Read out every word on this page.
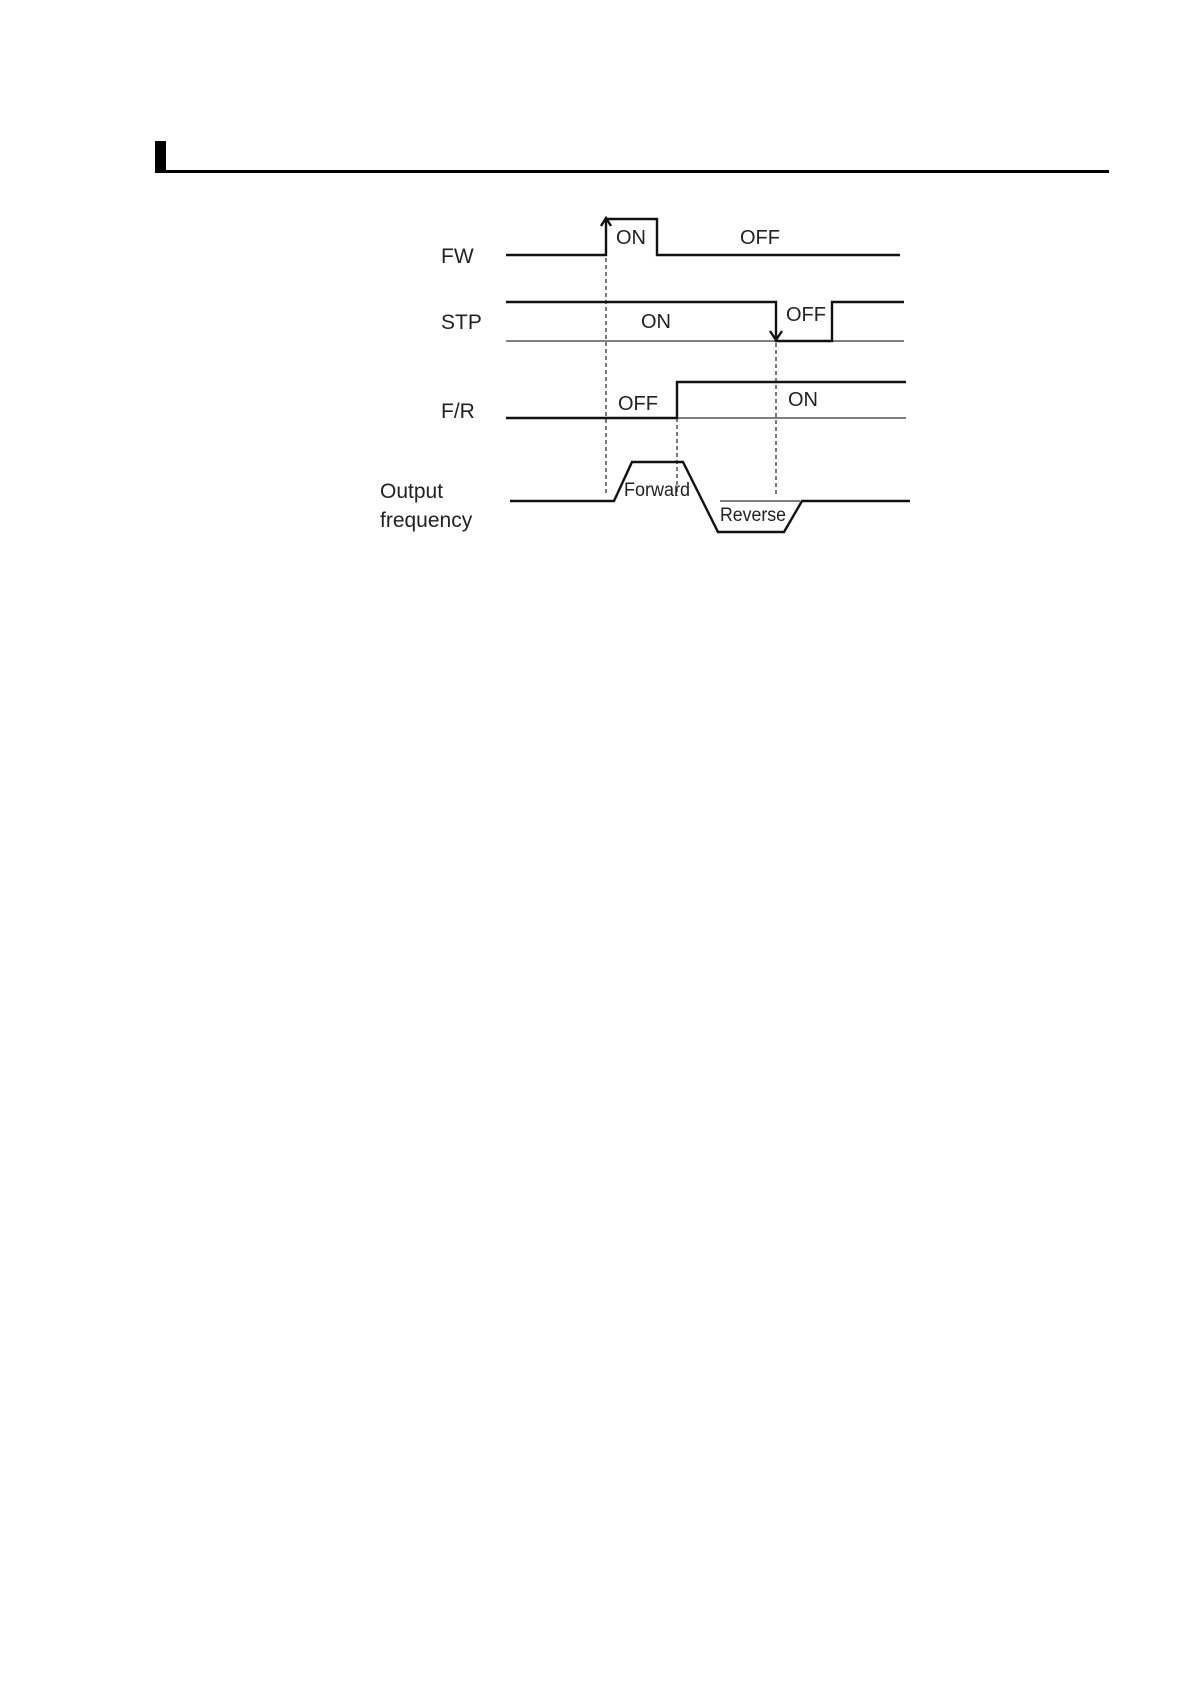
FW
ON	OFF
STP	ON	OFF
F/R	OFF	ON
Output
frequency
Forward
Reverse
